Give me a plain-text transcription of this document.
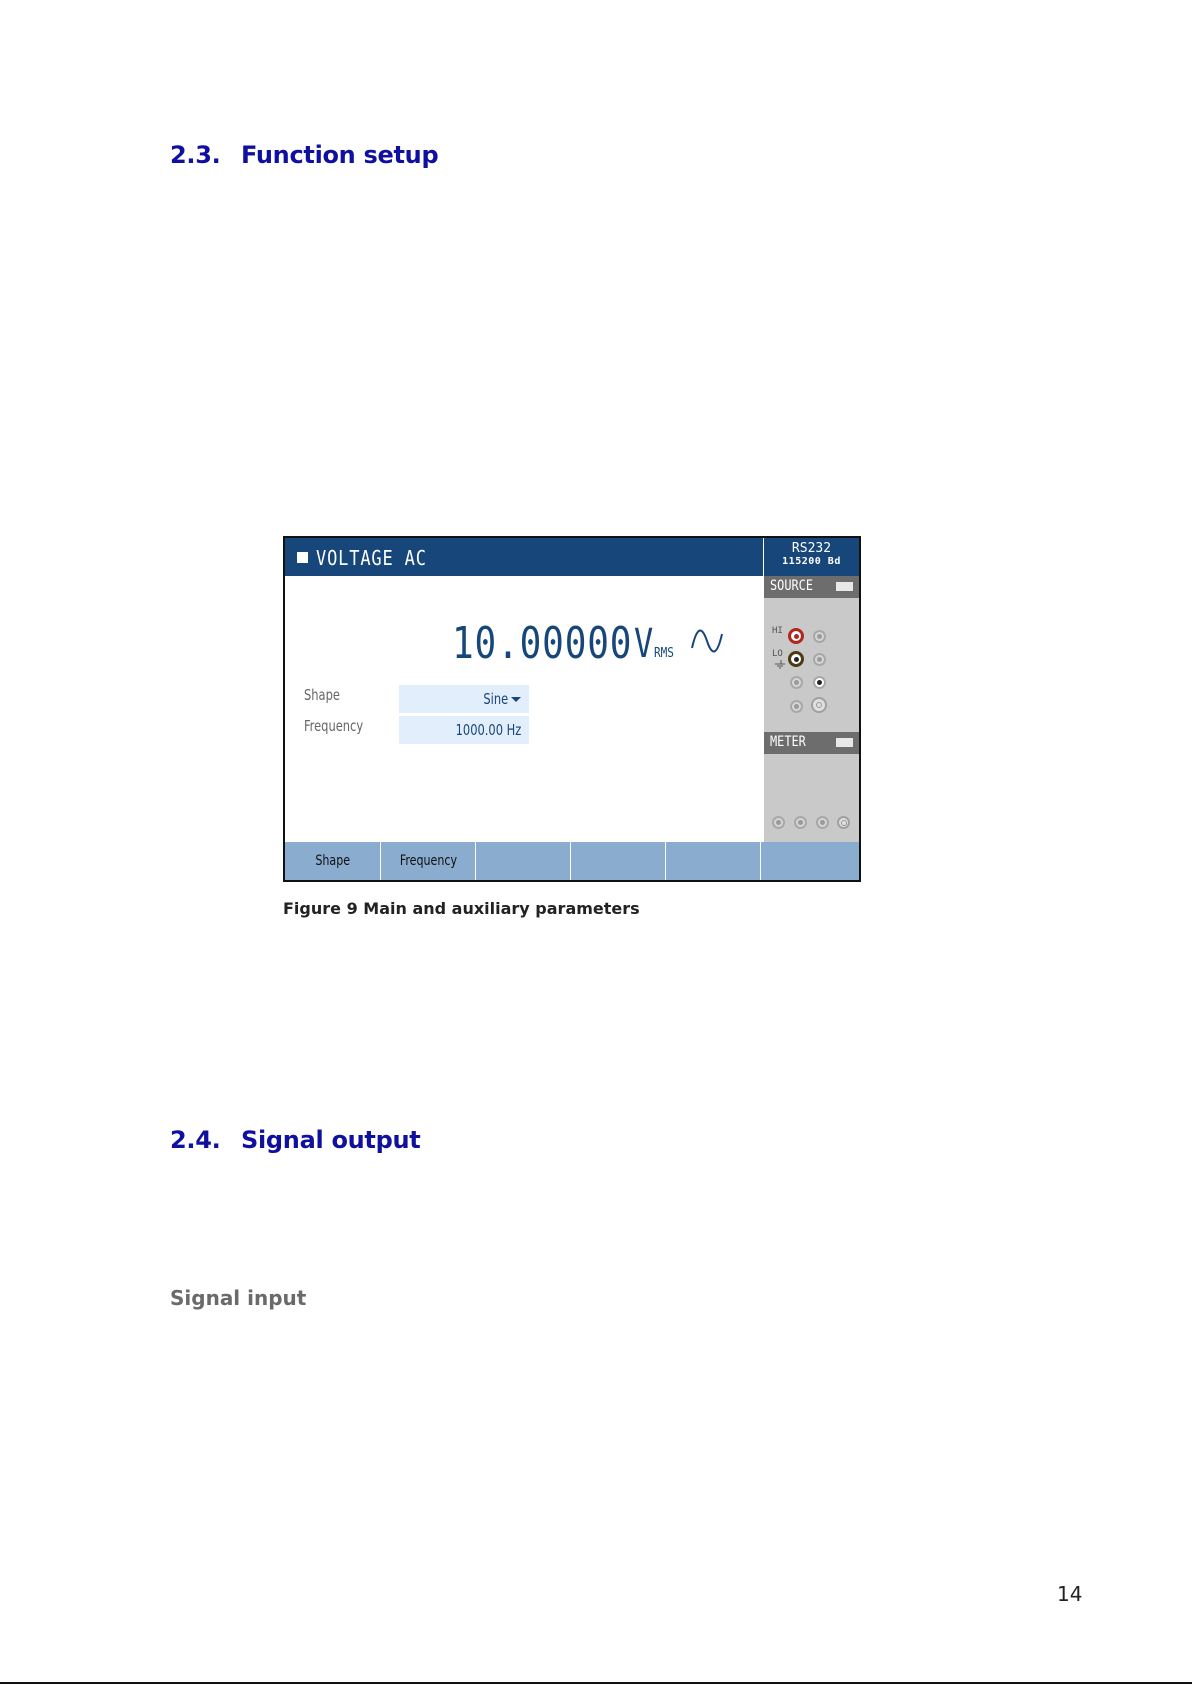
2.3. Function setup
VOLTAGE AC	RS232
115200 Bd
10.00000 V RMS
Shape	Sine
Frequency	1000.00 Hz
SOURCE
HI
LO
METER
Shape	Frequency
Figure 9 Main and auxiliary parameters
2.4. Signal output
Signal input
14
